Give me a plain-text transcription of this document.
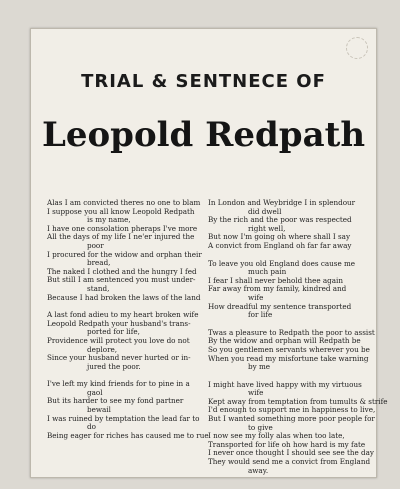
TRIAL & SENTNECE OF
Leopold Redpath
Alas I am convicted theres no one to blam
I suppose you all know Leopold Redpath
is my name,
I have one consolation pheraps I've more
All the days of my life I ne'er injured the
poor
I procured for the widow and orphan their
bread,
The naked I clothed and the hungry I fed
But still I am sentenced you must under-
stand,
Because I had broken the laws of the land
A last fond adieu to my heart broken wife
Leopold Redpath your husband's trans-
ported for life,
Providence will protect you love do not
deplore,
Since your husband never hurted or in-
jured the poor.
I've left my kind friends for to pine in a
gaol
But its harder to see my fond partner
bewail
I was ruined by temptation the lead far to
do
Being eager for riches has caused me to rue
In London and Weybridge I in splendour
did dwell
By the rich and the poor was respected
right well,
But now I'm going oh where shall I say
A convict from England oh far far away
To leave you old England does cause me
much pain
I fear I shall never behold thee again
Far away from my family, kindred and
wife
How dreadful my sentence transported
for life
Twas a pleasure to Redpath the poor to assist
By the widow and orphan will Redpath be
So you gentlemen servants wherever you be
When you read my misfortune take warning
by me
I might have lived happy with my virtuous
wife
Kept away from temptation from tumults & strife
I'd enough to support me in happiness to live,
But I wanted something more poor people for
to give
I now see my folly alas when too late,
Transported for life oh how hard is my fate
I never once thought I should see see the day
They would send me a convict from England
away.
